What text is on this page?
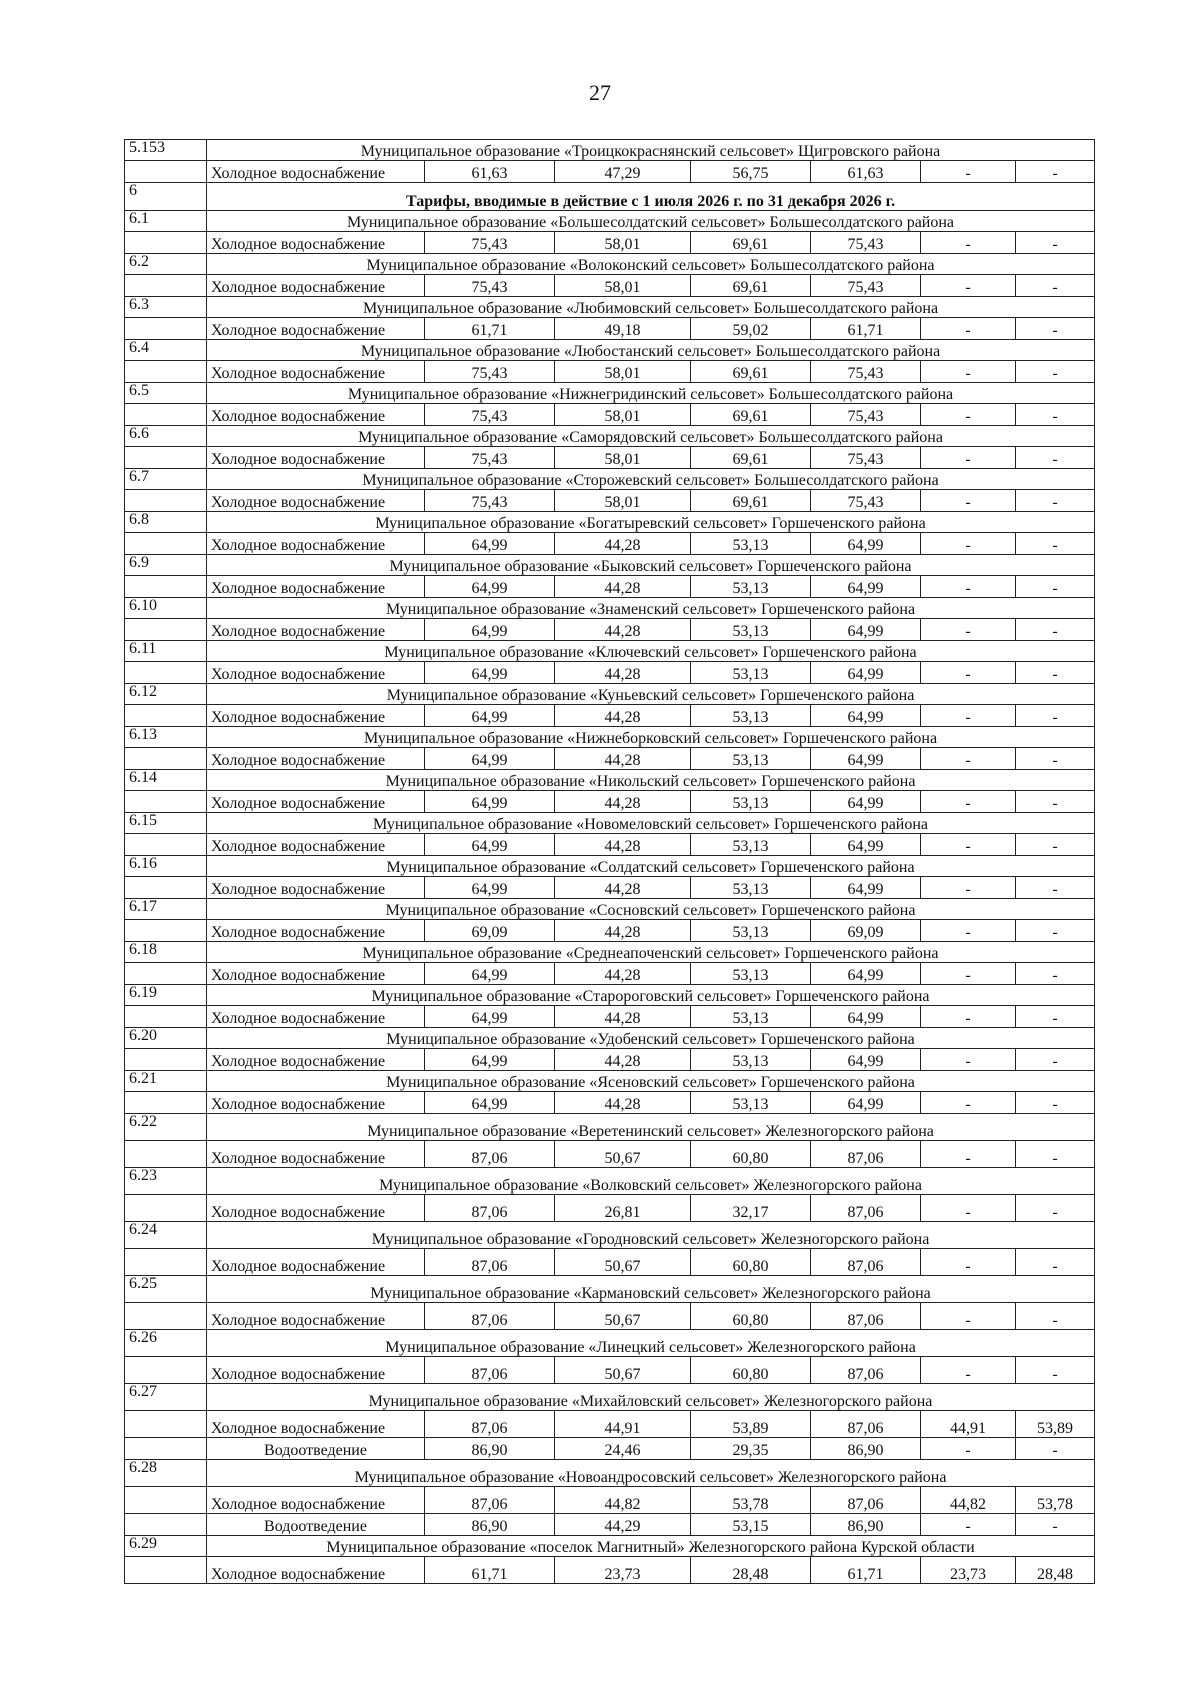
27
5.153	Муниципальное образование «Троицкокраснянский сельсовет» Щигровского района						
	Холодное водоснабжение	61,63	47,29	56,75	61,63	-	-
6	Тарифы, вводимые в действие с 1 июля 2026 г. по 31 декабря 2026 г.						
6.1	Муниципальное образование «Большесолдатский сельсовет» Большесолдатского района						
	Холодное водоснабжение	75,43	58,01	69,61	75,43	-	-
6.2	Муниципальное образование «Волоконский сельсовет» Большесолдатского района						
	Холодное водоснабжение	75,43	58,01	69,61	75,43	-	-
6.3	Муниципальное образование «Любимовский сельсовет» Большесолдатского района						
	Холодное водоснабжение	61,71	49,18	59,02	61,71	-	-
6.4	Муниципальное образование «Любостанский сельсовет» Большесолдатского района						
	Холодное водоснабжение	75,43	58,01	69,61	75,43	-	-
6.5	Муниципальное образование «Нижнегридинский сельсовет» Большесолдатского района						
	Холодное водоснабжение	75,43	58,01	69,61	75,43	-	-
6.6	Муниципальное образование «Саморядовский сельсовет» Большесолдатского района						
	Холодное водоснабжение	75,43	58,01	69,61	75,43	-	-
6.7	Муниципальное образование «Сторожевский сельсовет» Большесолдатского района						
	Холодное водоснабжение	75,43	58,01	69,61	75,43	-	-
6.8	Муниципальное образование «Богатыревский сельсовет» Горшеченского района						
	Холодное водоснабжение	64,99	44,28	53,13	64,99	-	-
6.9	Муниципальное образование «Быковский сельсовет» Горшеченского района						
	Холодное водоснабжение	64,99	44,28	53,13	64,99	-	-
6.10	Муниципальное образование «Знаменский сельсовет» Горшеченского района						
	Холодное водоснабжение	64,99	44,28	53,13	64,99	-	-
6.11	Муниципальное образование «Ключевский сельсовет» Горшеченского района						
	Холодное водоснабжение	64,99	44,28	53,13	64,99	-	-
6.12	Муниципальное образование «Куньевский сельсовет» Горшеченского района						
	Холодное водоснабжение	64,99	44,28	53,13	64,99	-	-
6.13	Муниципальное образование «Нижнеборковский сельсовет» Горшеченского района						
	Холодное водоснабжение	64,99	44,28	53,13	64,99	-	-
6.14	Муниципальное образование «Никольский сельсовет» Горшеченского района						
	Холодное водоснабжение	64,99	44,28	53,13	64,99	-	-
6.15	Муниципальное образование «Новомеловский сельсовет» Горшеченского района						
	Холодное водоснабжение	64,99	44,28	53,13	64,99	-	-
6.16	Муниципальное образование «Солдатский сельсовет» Горшеченского района						
	Холодное водоснабжение	64,99	44,28	53,13	64,99	-	-
6.17	Муниципальное образование «Сосновский сельсовет» Горшеченского района						
	Холодное водоснабжение	69,09	44,28	53,13	69,09	-	-
6.18	Муниципальное образование «Среднеапоченский сельсовет» Горшеченского района						
	Холодное водоснабжение	64,99	44,28	53,13	64,99	-	-
6.19	Муниципальное образование «Старороговский сельсовет» Горшеченского района						
	Холодное водоснабжение	64,99	44,28	53,13	64,99	-	-
6.20	Муниципальное образование «Удобенский сельсовет» Горшеченского района						
	Холодное водоснабжение	64,99	44,28	53,13	64,99	-	-
6.21	Муниципальное образование «Ясеновский сельсовет» Горшеченского района						
	Холодное водоснабжение	64,99	44,28	53,13	64,99	-	-
6.22	Муниципальное образование «Веретенинский сельсовет» Железногорского района						
	Холодное водоснабжение	87,06	50,67	60,80	87,06	-	-
6.23	Муниципальное образование «Волковский сельсовет» Железногорского района						
	Холодное водоснабжение	87,06	26,81	32,17	87,06	-	-
6.24	Муниципальное образование «Городновский сельсовет» Железногорского района						
	Холодное водоснабжение	87,06	50,67	60,80	87,06	-	-
6.25	Муниципальное образование «Кармановский сельсовет» Железногорского района						
	Холодное водоснабжение	87,06	50,67	60,80	87,06	-	-
6.26	Муниципальное образование «Линецкий сельсовет» Железногорского района						
	Холодное водоснабжение	87,06	50,67	60,80	87,06	-	-
6.27	Муниципальное образование «Михайловский сельсовет» Железногорского района						
	Холодное водоснабжение	87,06	44,91	53,89	87,06	44,91	53,89
	Водоотведение	86,90	24,46	29,35	86,90	-	-
6.28	Муниципальное образование «Новоандросовский сельсовет» Железногорского района						
	Холодное водоснабжение	87,06	44,82	53,78	87,06	44,82	53,78
	Водоотведение	86,90	44,29	53,15	86,90	-	-
6.29	Муниципальное образование «поселок Магнитный» Железногорского района Курской области						
	Холодное водоснабжение	61,71	23,73	28,48	61,71	23,73	28,48
